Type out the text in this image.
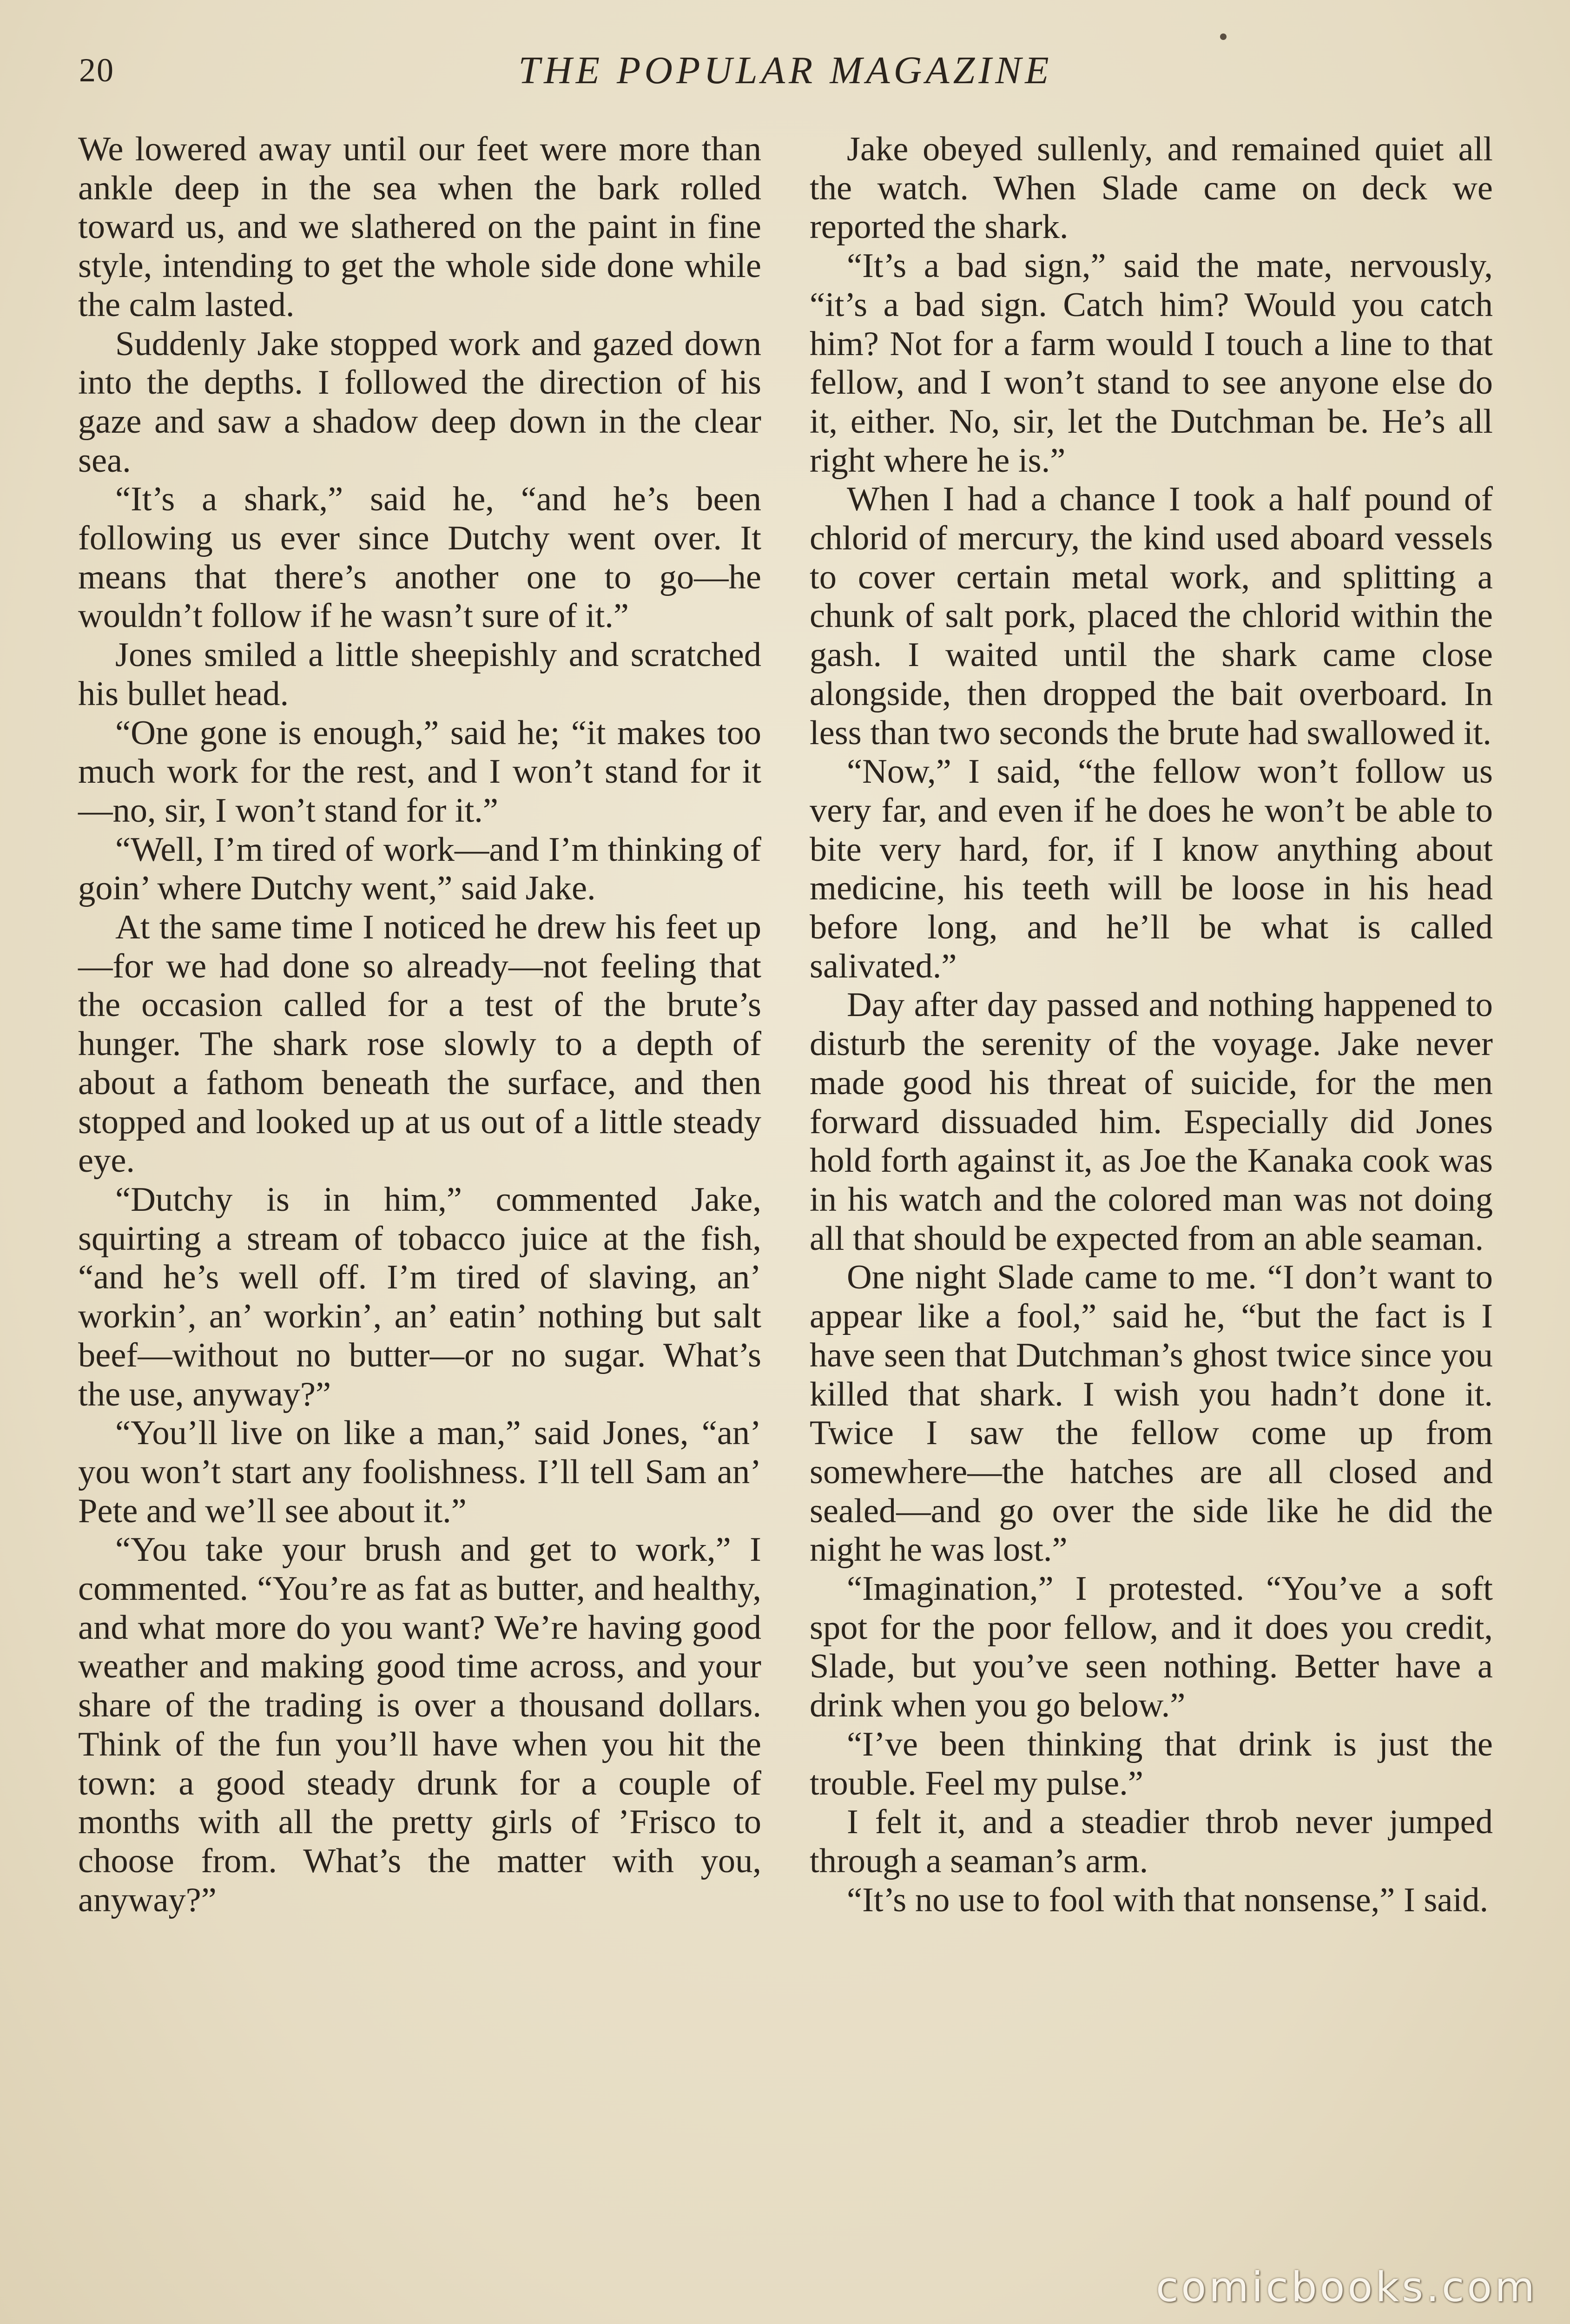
20	THE POPULAR MAGAZINE

We lowered away until our feet were more than ankle deep in the sea when the bark rolled toward us, and we slathered on the paint in fine style, intending to get the whole side done while the calm lasted.

Suddenly Jake stopped work and gazed down into the depths. I followed the direction of his gaze and saw a shadow deep down in the clear sea.

“It’s a shark,” said he, “and he’s been following us ever since Dutchy went over. It means that there’s another one to go—he wouldn’t follow if he wasn’t sure of it.”

Jones smiled a little sheepishly and scratched his bullet head.

“One gone is enough,” said he; “it makes too much work for the rest, and I won’t stand for it—no, sir, I won’t stand for it.”

“Well, I’m tired of work—and I’m thinking of goin’ where Dutchy went,” said Jake.

At the same time I noticed he drew his feet up—for we had done so already—not feeling that the occasion called for a test of the brute’s hunger. The shark rose slowly to a depth of about a fathom beneath the surface, and then stopped and looked up at us out of a little steady eye.

“Dutchy is in him,” commented Jake, squirting a stream of tobacco juice at the fish, “and he’s well off. I’m tired of slaving, an’ workin’, an’ workin’, an’ eatin’ nothing but salt beef—without no butter—or no sugar. What’s the use, anyway?”

“You’ll live on like a man,” said Jones, “an’ you won’t start any foolishness. I’ll tell Sam an’ Pete and we’ll see about it.”

“You take your brush and get to work,” I commented. “You’re as fat as butter, and healthy, and what more do you want? We’re having good weather and making good time across, and your share of the trading is over a thousand dollars. Think of the fun you’ll have when you hit the town: a good steady drunk for a couple of months with all the pretty girls of ’Frisco to choose from. What’s the matter with you, anyway?”

Jake obeyed sullenly, and remained quiet all the watch. When Slade came on deck we reported the shark.

“It’s a bad sign,” said the mate, nervously, “it’s a bad sign. Catch him? Would you catch him? Not for a farm would I touch a line to that fellow, and I won’t stand to see anyone else do it, either. No, sir, let the Dutchman be. He’s all right where he is.”

When I had a chance I took a half pound of chlorid of mercury, the kind used aboard vessels to cover certain metal work, and splitting a chunk of salt pork, placed the chlorid within the gash. I waited until the shark came close alongside, then dropped the bait overboard. In less than two seconds the brute had swallowed it.

“Now,” I said, “the fellow won’t follow us very far, and even if he does he won’t be able to bite very hard, for, if I know anything about medicine, his teeth will be loose in his head before long, and he’ll be what is called salivated.”

Day after day passed and nothing happened to disturb the serenity of the voyage. Jake never made good his threat of suicide, for the men forward dissuaded him. Especially did Jones hold forth against it, as Joe the Kanaka cook was in his watch and the colored man was not doing all that should be expected from an able seaman.

One night Slade came to me. “I don’t want to appear like a fool,” said he, “but the fact is I have seen that Dutchman’s ghost twice since you killed that shark. I wish you hadn’t done it. Twice I saw the fellow come up from somewhere—the hatches are all closed and sealed—and go over the side like he did the night he was lost.”

“Imagination,” I protested. “You’ve a soft spot for the poor fellow, and it does you credit, Slade, but you’ve seen nothing. Better have a drink when you go below.”

“I’ve been thinking that drink is just the trouble. Feel my pulse.”

I felt it, and a steadier throb never jumped through a seaman’s arm.

“It’s no use to fool with that nonsense,” I said.

comicbooks.com
